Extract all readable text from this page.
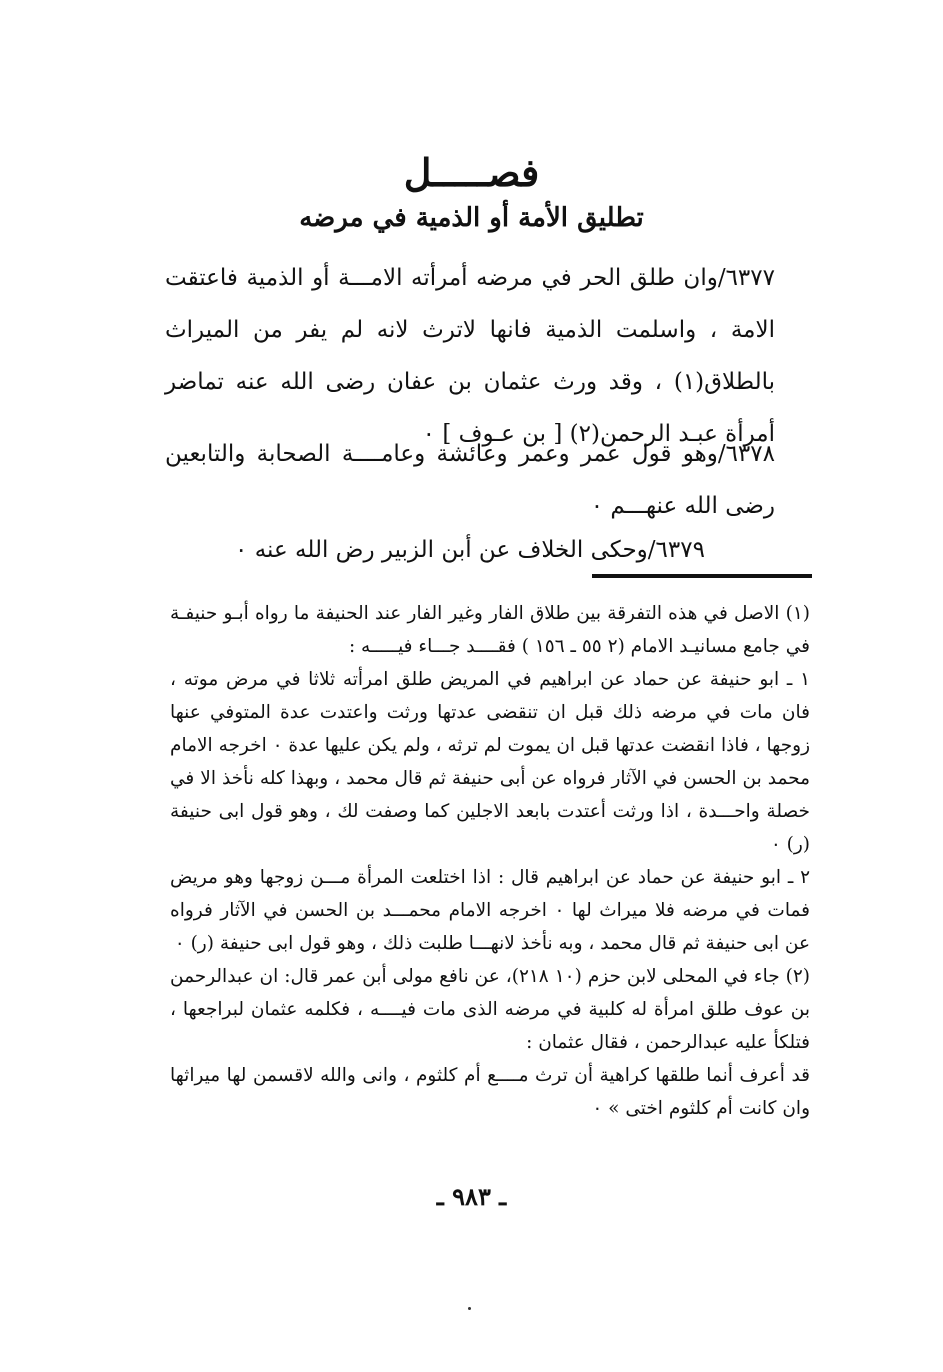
فصـــــل
تطليق الأمة أو الذمية في مرضه

٦٣٧٧/وان طلق الحر في مرضه أمرأته الامـــة أو الذمية فاعتقت الامة ، واسلمت الذمية فانها لاترث لانه لم يفر من الميراث بالطلاق(١) ، وقد ورث عثمان بن عفان رضى الله عنه تماضر أمرأة عبـد الرحمن(٢) [ بن عـوف ] ٠

٦٣٧٨/وهو قول عمر وعمر وعائشة وعامــــة الصحابة والتابعين رضى الله عنهـــم ٠

٦٣٧٩/وحكى الخلاف عن أبن الزبير رض الله عنه ٠

(١) الاصل في هذه التفرقة بين طلاق الفار وغير الفار عند الحنيفة ما رواه أبـو حنيفـة في جامع مسانيـد الامام (٢ ٥٥ ـ ١٥٦ ) فقــــد جـــاء فيـــــه :

١ ـ ابو حنيفة عن حماد عن ابراهيم في المريض طلق امرأته ثلاثا في مرض موته ، فان مات في مرضه ذلك قبل ان تنقضى عدتها ورثت واعتدت عدة المتوفي عنها زوجها ، فاذا انقضت عدتها قبل ان يموت لم ترثه ، ولم يكن عليها عدة ٠ اخرجه الامام محمد بن الحسن في الآثار فرواه عن أبى حنيفة ثم قال محمد ، وبهذا كله نأخذ الا في خصلة واحـــدة ، اذا ورثت أعتدت بابعد الاجلين كما وصفت لك ، وهو قول ابى حنيفة (ر) ٠

٢ ـ ابو حنيفة عن حماد عن ابراهيم قال : اذا اختلعت المرأة مـــن زوجها وهو مريض فمات في مرضه فلا ميراث لها ٠ اخرجه الامام محمـــد بن الحسن في الآثار فرواه عن ابى حنيفة ثم قال محمد ، وبه نأخذ لانهـــا طلبت ذلك ، وهو قول ابى حنيفة (ر) ٠

(٢) جاء في المحلى لابن حزم (١٠ ٢١٨)، عن نافع مولى أبن عمر قال: ان عبدالرحمن بن عوف طلق امرأة له كلبية في مرضه الذى مات فيــــه ، فكلمه عثمان لبراجعها ، فتلكأ عليه عبدالرحمن ، فقال عثمان :

قد أعرف أنما طلقها كراهية أن ترث مــــع أم كلثوم ، وانى والله لاقسمن لها ميراثها وان كانت أم كلثوم اختى » ٠

ـ ٩٨٣ ـ
